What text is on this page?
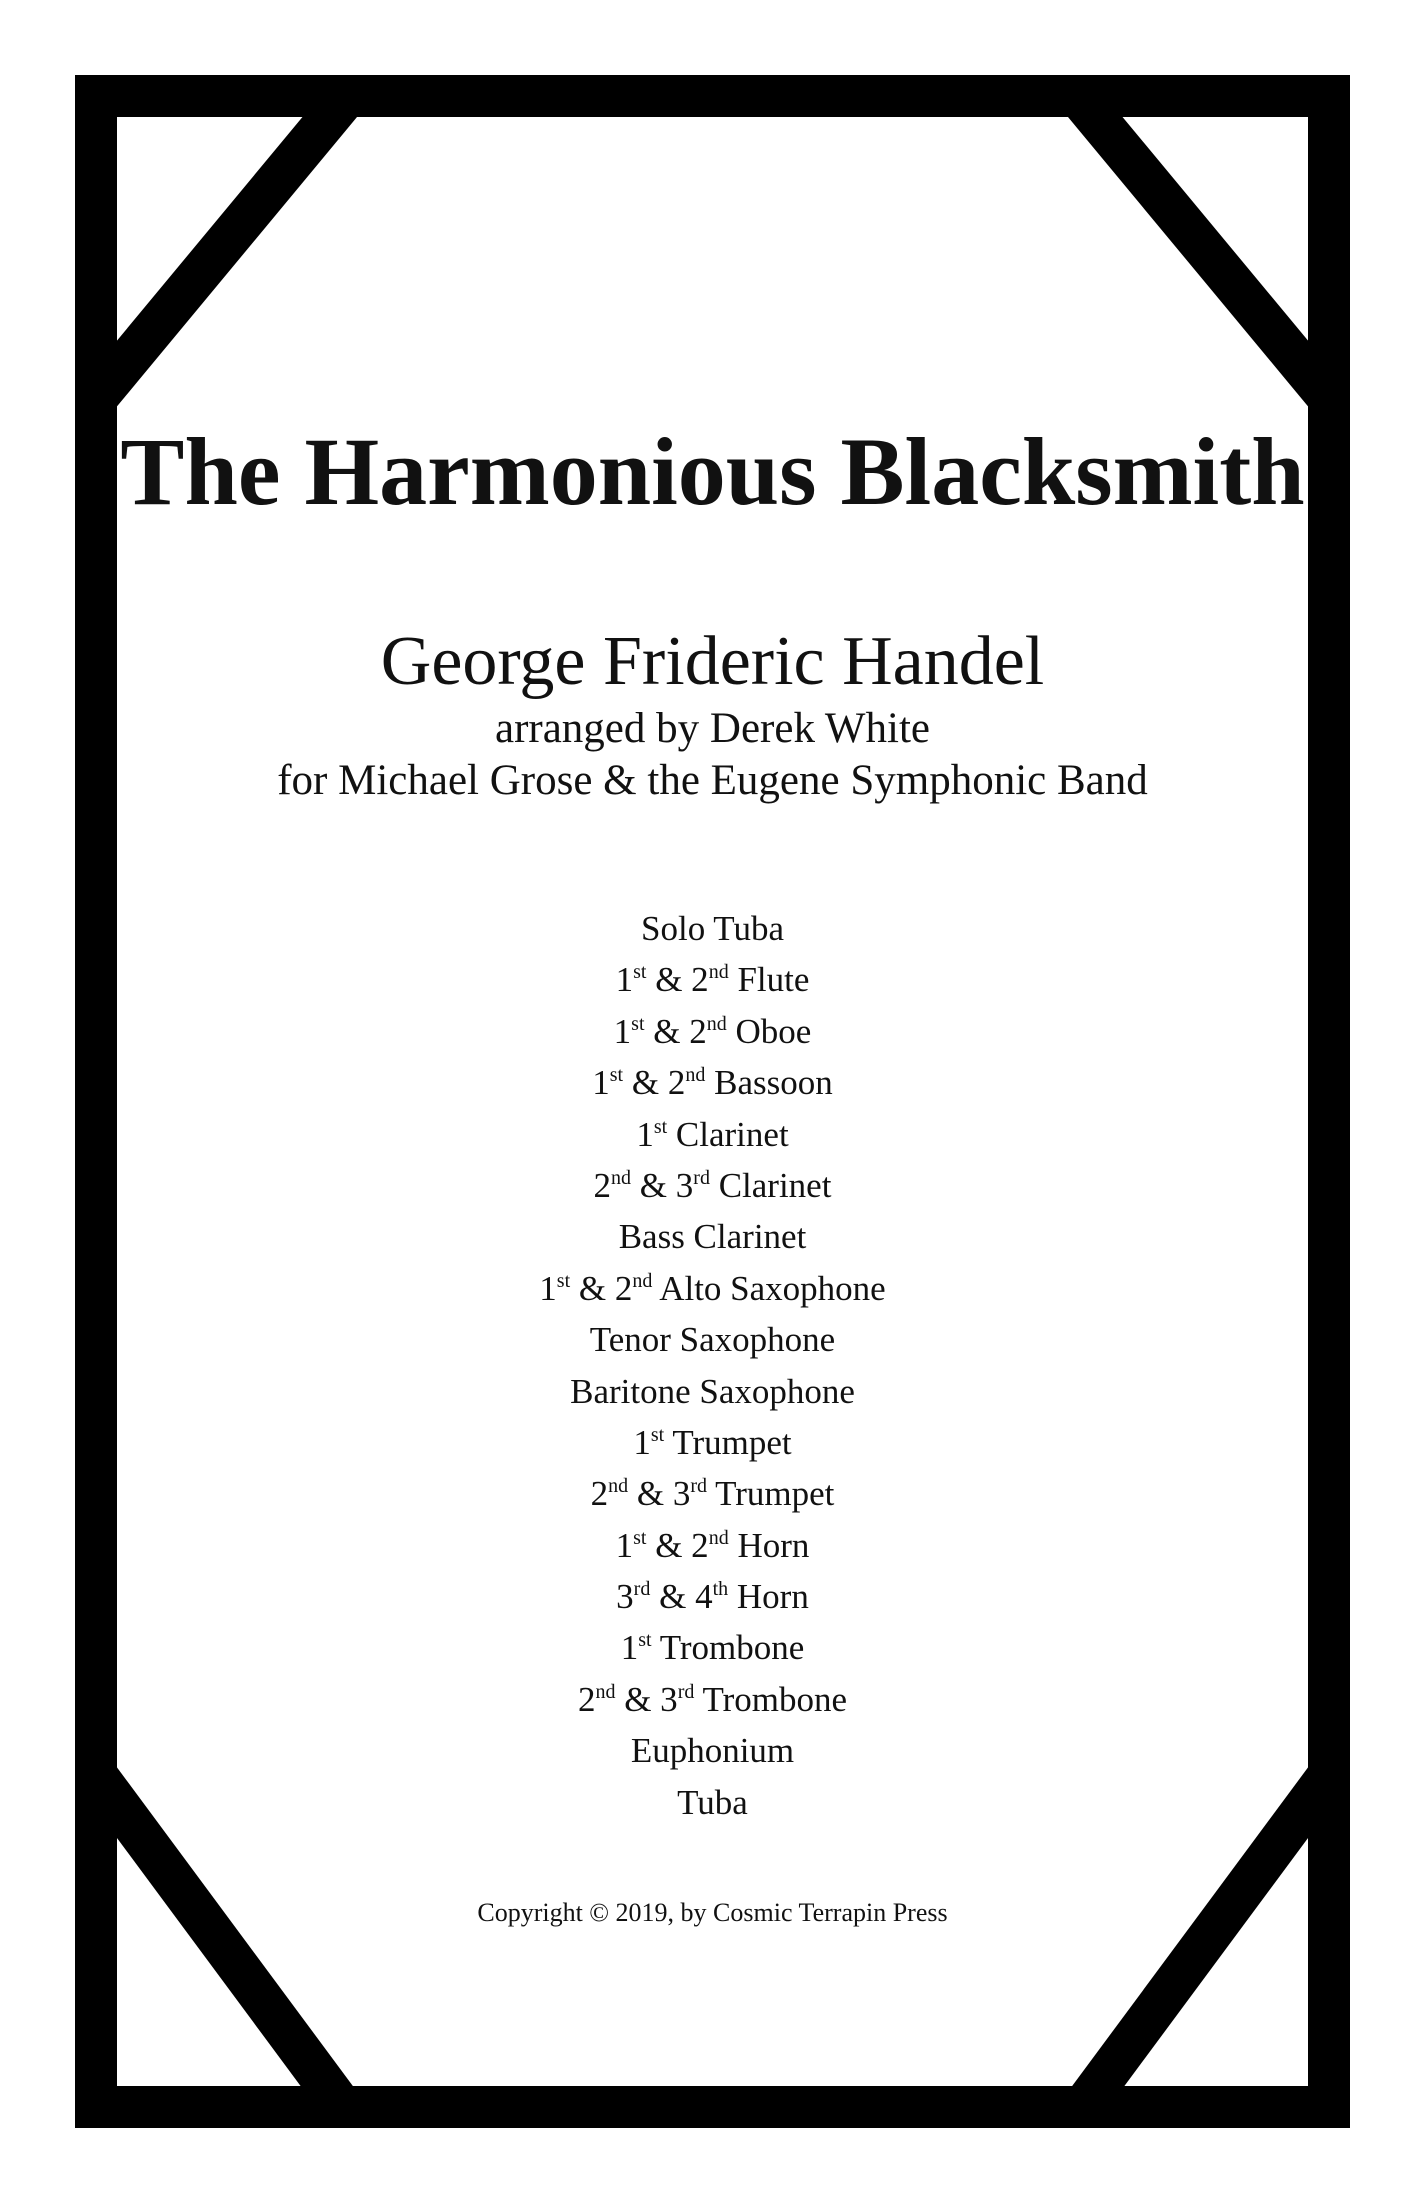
The Harmonious Blacksmith
George Frideric Handel
arranged by Derek White
for Michael Grose & the Eugene Symphonic Band
Solo Tuba
1st & 2nd Flute
1st & 2nd Oboe
1st & 2nd Bassoon
1st Clarinet
2nd & 3rd Clarinet
Bass Clarinet
1st & 2nd Alto Saxophone
Tenor Saxophone
Baritone Saxophone
1st Trumpet
2nd & 3rd Trumpet
1st & 2nd Horn
3rd & 4th Horn
1st Trombone
2nd & 3rd Trombone
Euphonium
Tuba
Copyright © 2019, by Cosmic Terrapin Press
